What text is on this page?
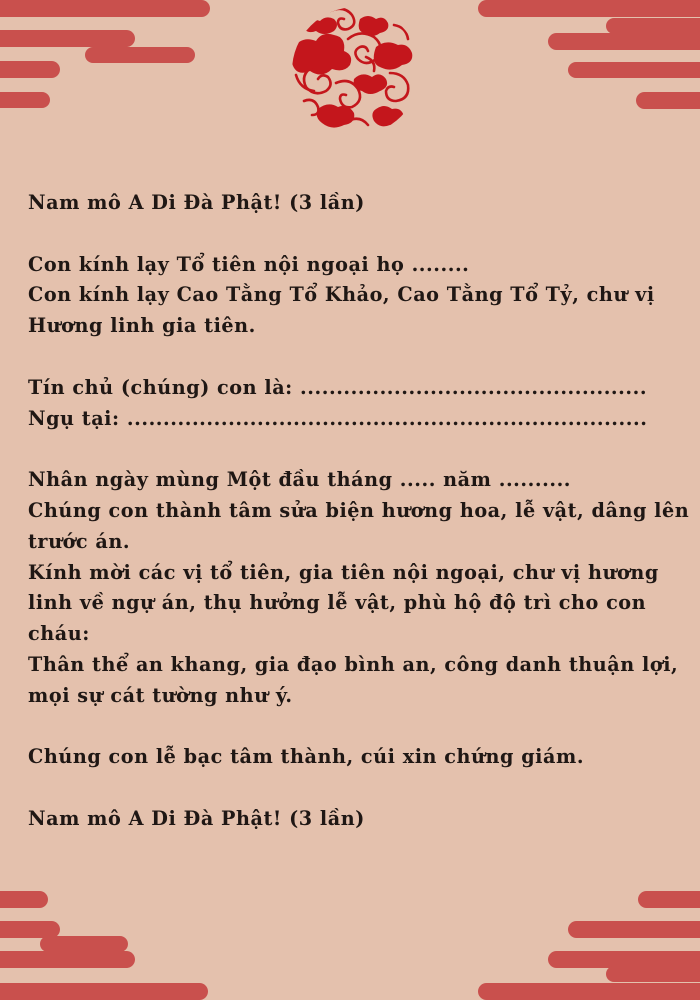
Nam mô A Di Đà Phật! (3 lần)
Con kính lạy Tổ tiên nội ngoại họ ........
Con kính lạy Cao Tằng Tổ Khảo, Cao Tằng Tổ Tỷ, chư vị
Hương linh gia tiên.
Tín chủ (chúng) con là: ................................................
Ngụ tại: ........................................................................
Nhân ngày mùng Một đầu tháng ..... năm ..........
Chúng con thành tâm sửa biện hương hoa, lễ vật, dâng lên
trước án.
Kính mời các vị tổ tiên, gia tiên nội ngoại, chư vị hương
linh về ngự án, thụ hưởng lễ vật, phù hộ độ trì cho con
cháu:
Thân thể an khang, gia đạo bình an, công danh thuận lợi,
mọi sự cát tường như ý.
Chúng con lễ bạc tâm thành, cúi xin chứng giám.
Nam mô A Di Đà Phật! (3 lần)
